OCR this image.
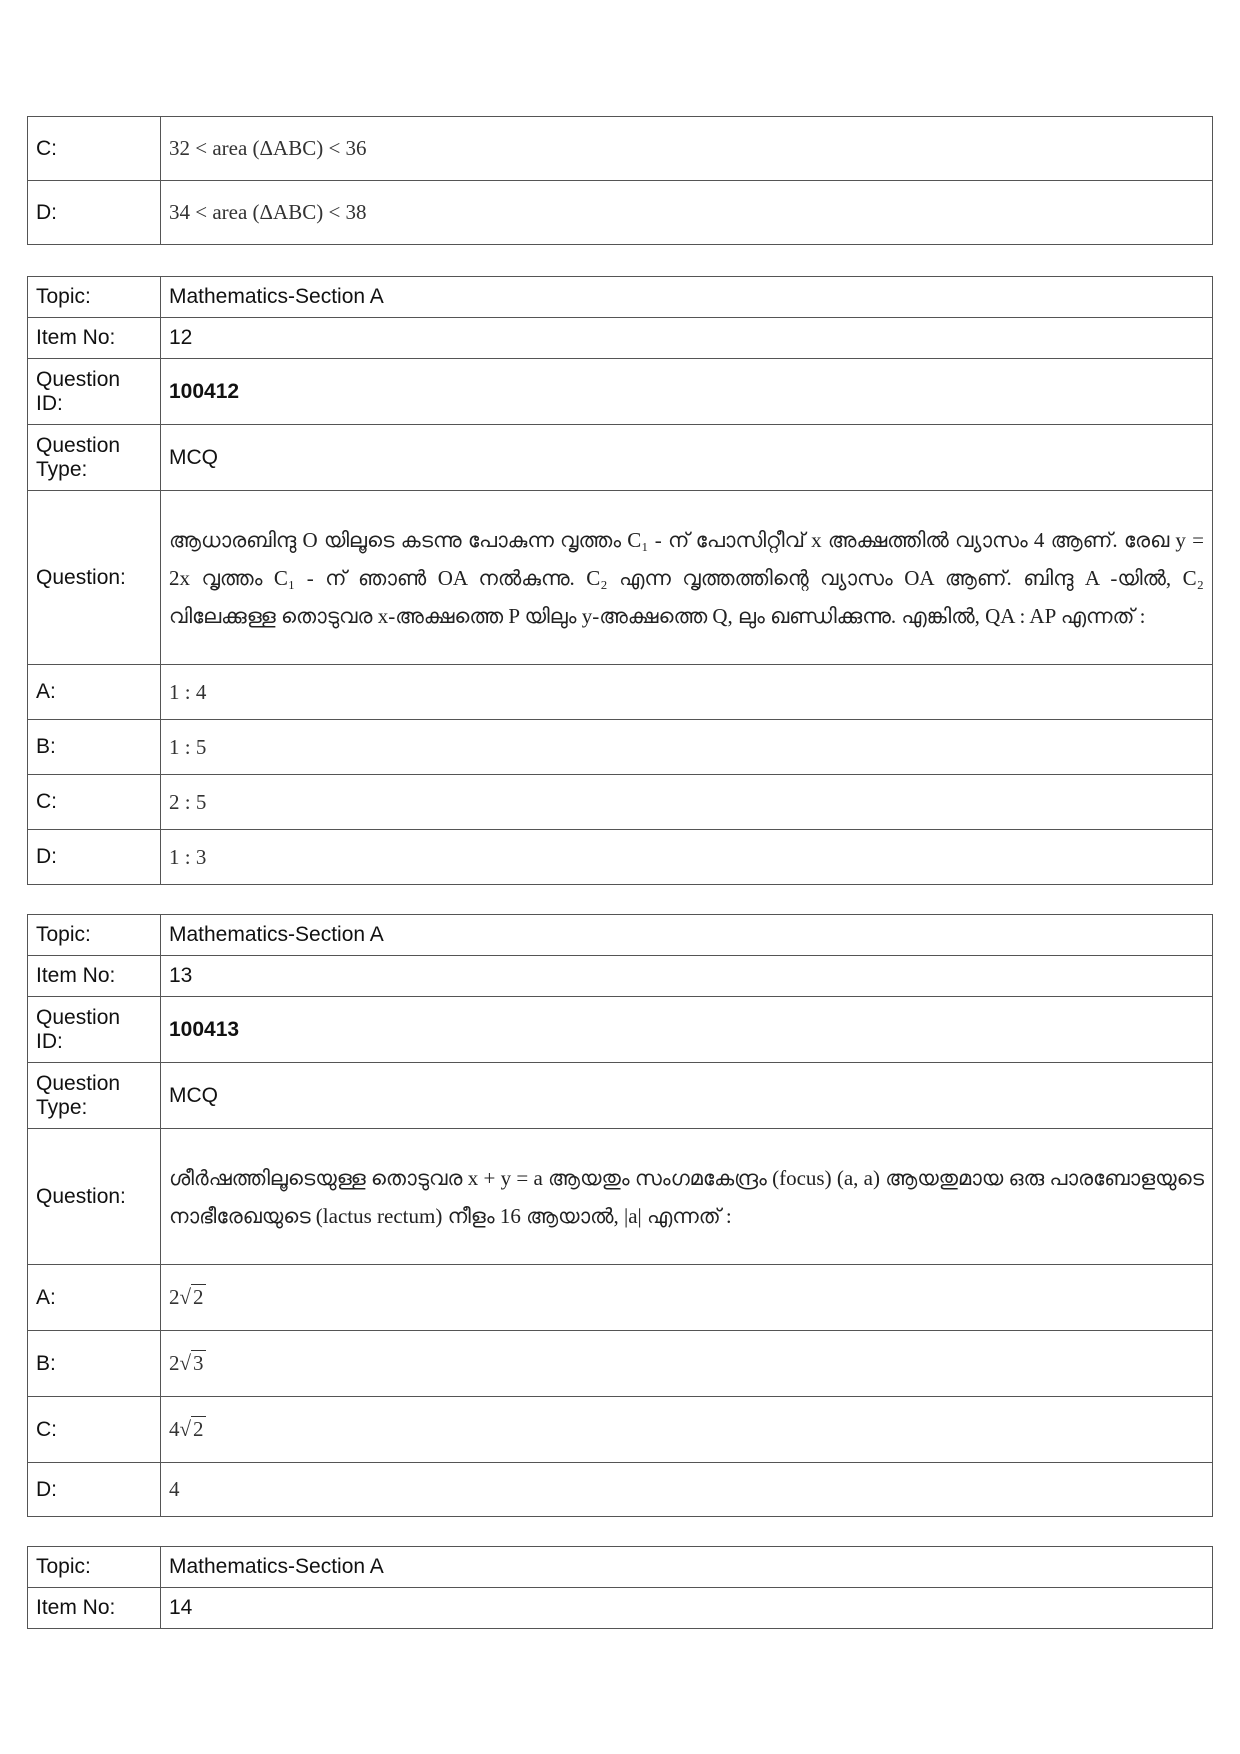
C:	32 < area (ΔABC) < 36
D:	34 < area (ΔABC) < 38
Topic:	Mathematics-Section A
Item No:	12
Question ID:	100412
Question Type:	MCQ
Question:	ആധാരബിന്ദു O യിലൂടെ കടന്നു പോകുന്ന വൃത്തം C₁ - ന് പോസിറ്റീവ് x അക്ഷത്തിൽ വ്യാസം 4 ആണ്. രേഖ y = 2x വൃത്തം C₁ - ന് ഞാൺ OA നൽകുന്നു. C₂ എന്ന വൃത്തത്തിന്റെ വ്യാസം OA ആണ്. ബിന്ദു A -യിൽ, C₂ വിലേക്കുള്ള തൊടുവര x-അക്ഷത്തെ P യിലും y-അക്ഷത്തെ Q, ലും ഖണ്ഡിക്കുന്നു. എങ്കിൽ, QA : AP എന്നത് :
A:	1 : 4
B:	1 : 5
C:	2 : 5
D:	1 : 3
Topic:	Mathematics-Section A
Item No:	13
Question ID:	100413
Question Type:	MCQ
Question:	ശീർഷത്തിലൂടെയുള്ള തൊടുവര x + y = a ആയതും സംഗമകേന്ദ്രം (focus) (a, a) ആയതുമായ ഒരു പാരബോളയുടെ നാഭീരേഖയുടെ (lactus rectum) നീളം 16 ആയാൽ, |a| എന്നത് :
A:	2√2
B:	2√3
C:	4√2
D:	4
Topic:	Mathematics-Section A
Item No:	14
